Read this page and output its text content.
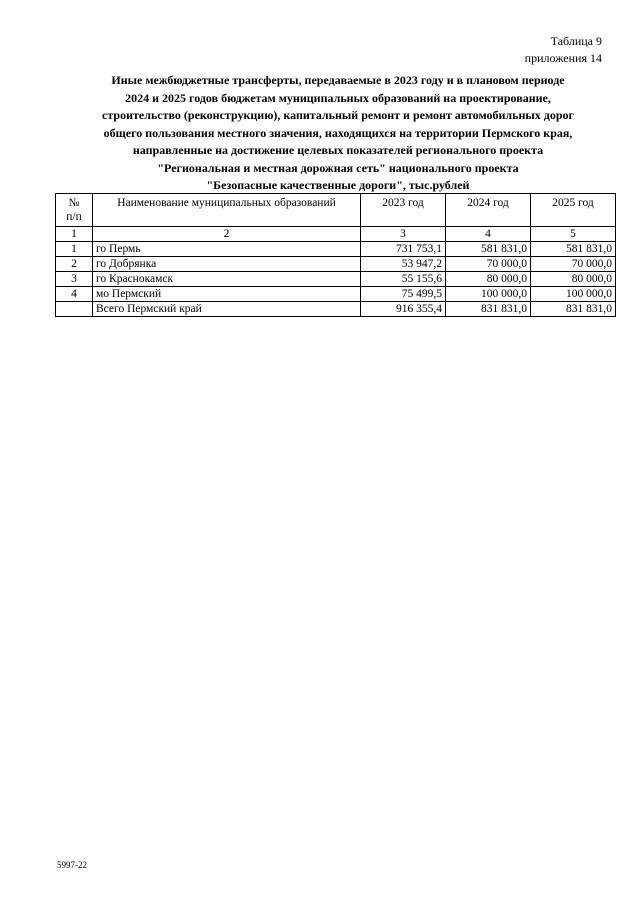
Таблица 9
приложения 14
Иные межбюджетные трансферты, передаваемые в 2023 году и в плановом периоде
2024 и 2025 годов бюджетам муниципальных образований на проектирование,
строительство (реконструкцию), капитальный ремонт и ремонт автомобильных дорог
общего пользования местного значения, находящихся на территории Пермского края,
направленные на достижение целевых показателей регионального проекта
"Региональная и местная дорожная сеть" национального проекта
"Безопасные качественные дороги", тыс.рублей
№
п/п	Наименование муниципальных образований	2023 год	2024 год	2025 год
1	2	3	4	5
1	го Пермь	731 753,1	581 831,0	581 831,0
2	го Добрянка	53 947,2	70 000,0	70 000,0
3	го Краснокамск	55 155,6	80 000,0	80 000,0
4	мо Пермский	75 499,5	100 000,0	100 000,0
	Всего Пермский край	916 355,4	831 831,0	831 831,0
5997-22
